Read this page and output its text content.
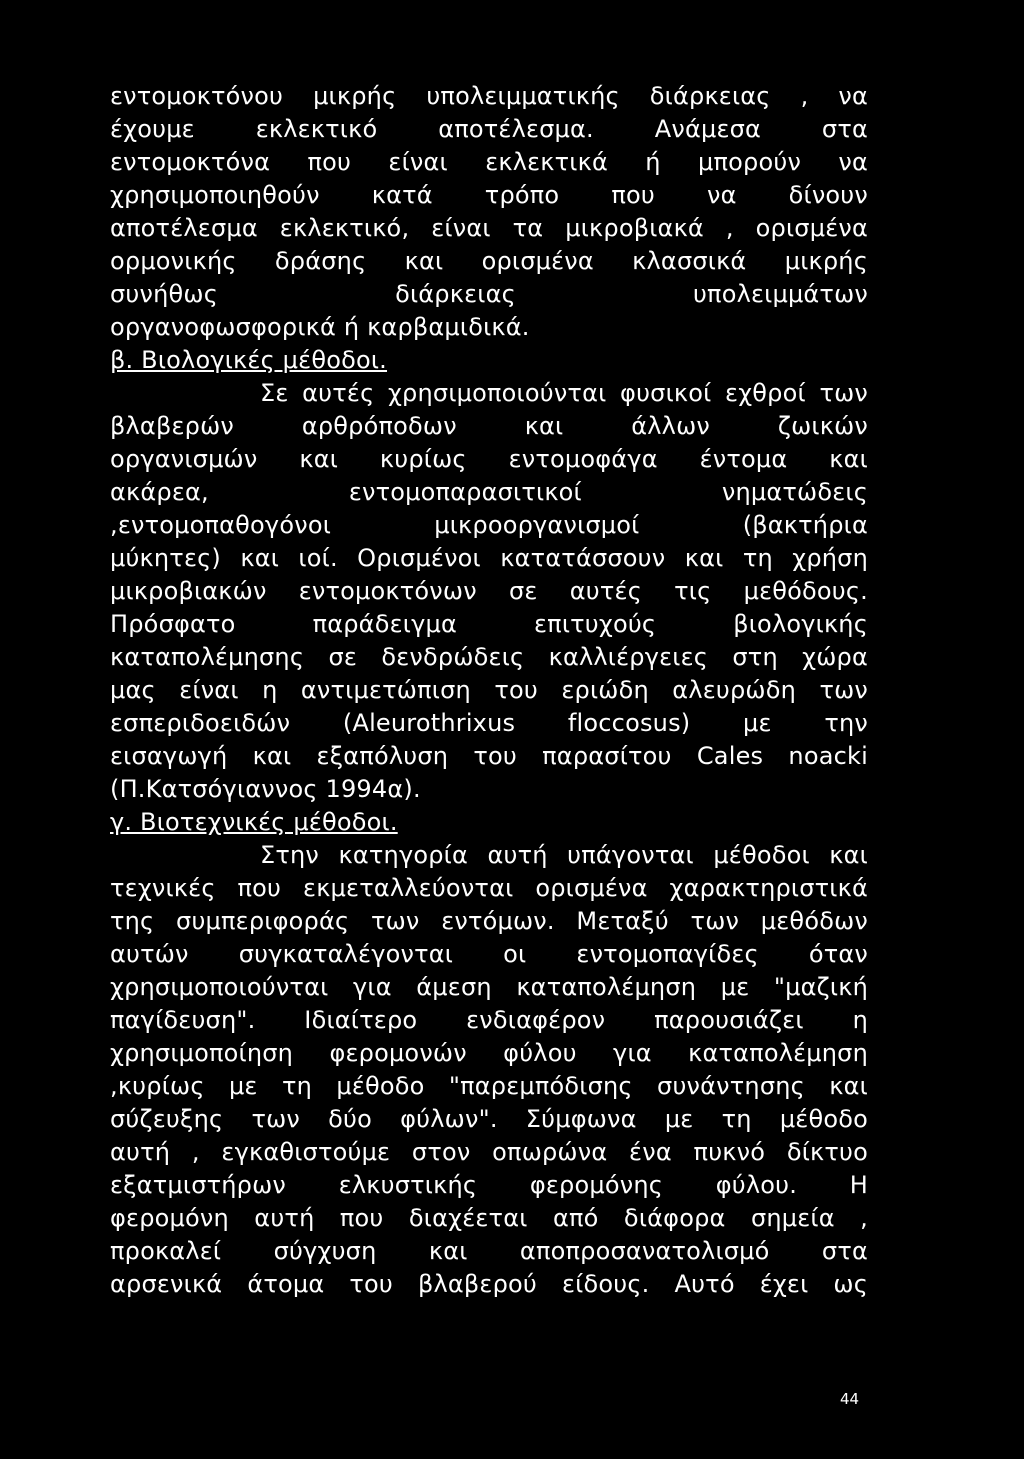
εντομοκτόνου μικρής υπολειμματικής διάρκειας , να
έχουμε εκλεκτικό αποτέλεσμα. Ανάμεσα στα
εντομοκτόνα που είναι εκλεκτικά ή μπορούν να
χρησιμοποιηθούν κατά τρόπο που να δίνουν
αποτέλεσμα εκλεκτικό, είναι τα μικροβιακά , ορισμένα
ορμονικής δράσης και ορισμένα κλασσικά μικρής
συνήθως διάρκειας υπολειμμάτων
οργανοφωσφορικά ή καρβαμιδικά.
β. Βιολογικές μέθοδοι.
Σε αυτές χρησιμοποιούνται φυσικοί εχθροί των
βλαβερών αρθρόποδων και άλλων ζωικών
οργανισμών και κυρίως εντομοφάγα έντομα και
ακάρεα, εντομοπαρασιτικοί νηματώδεις
,εντομοπαθογόνοι μικροοργανισμοί (βακτήρια
μύκητες) και ιοί. Ορισμένοι κατατάσσουν και τη χρήση
μικροβιακών εντομοκτόνων σε αυτές τις μεθόδους.
Πρόσφατο παράδειγμα επιτυχούς βιολογικής
καταπολέμησης σε δενδρώδεις καλλιέργειες στη χώρα
μας είναι η αντιμετώπιση του εριώδη αλευρώδη των
εσπεριδοειδών (Aleurothrixus floccosus) με την
εισαγωγή και εξαπόλυση του παρασίτου Cales noacki
(Π.Κατσόγιαννος 1994α).
γ. Βιοτεχνικές μέθοδοι.
Στην κατηγορία αυτή υπάγονται μέθοδοι και
τεχνικές που εκμεταλλεύονται ορισμένα χαρακτηριστικά
της συμπεριφοράς των εντόμων. Μεταξύ των μεθόδων
αυτών συγκαταλέγονται οι εντομοπαγίδες όταν
χρησιμοποιούνται για άμεση καταπολέμηση με "μαζική
παγίδευση". Ιδιαίτερο ενδιαφέρον παρουσιάζει η
χρησιμοποίηση φερομονών φύλου για καταπολέμηση
,κυρίως με τη μέθοδο "παρεμπόδισης συνάντησης και
σύζευξης των δύο φύλων". Σύμφωνα με τη μέθοδο
αυτή , εγκαθιστούμε στον οπωρώνα ένα πυκνό δίκτυο
εξατμιστήρων ελκυστικής φερομόνης φύλου. Η
φερομόνη αυτή που διαχέεται από διάφορα σημεία ,
προκαλεί σύγχυση και αποπροσανατολισμό στα
αρσενικά άτομα του βλαβερού είδους. Αυτό έχει ως
44
